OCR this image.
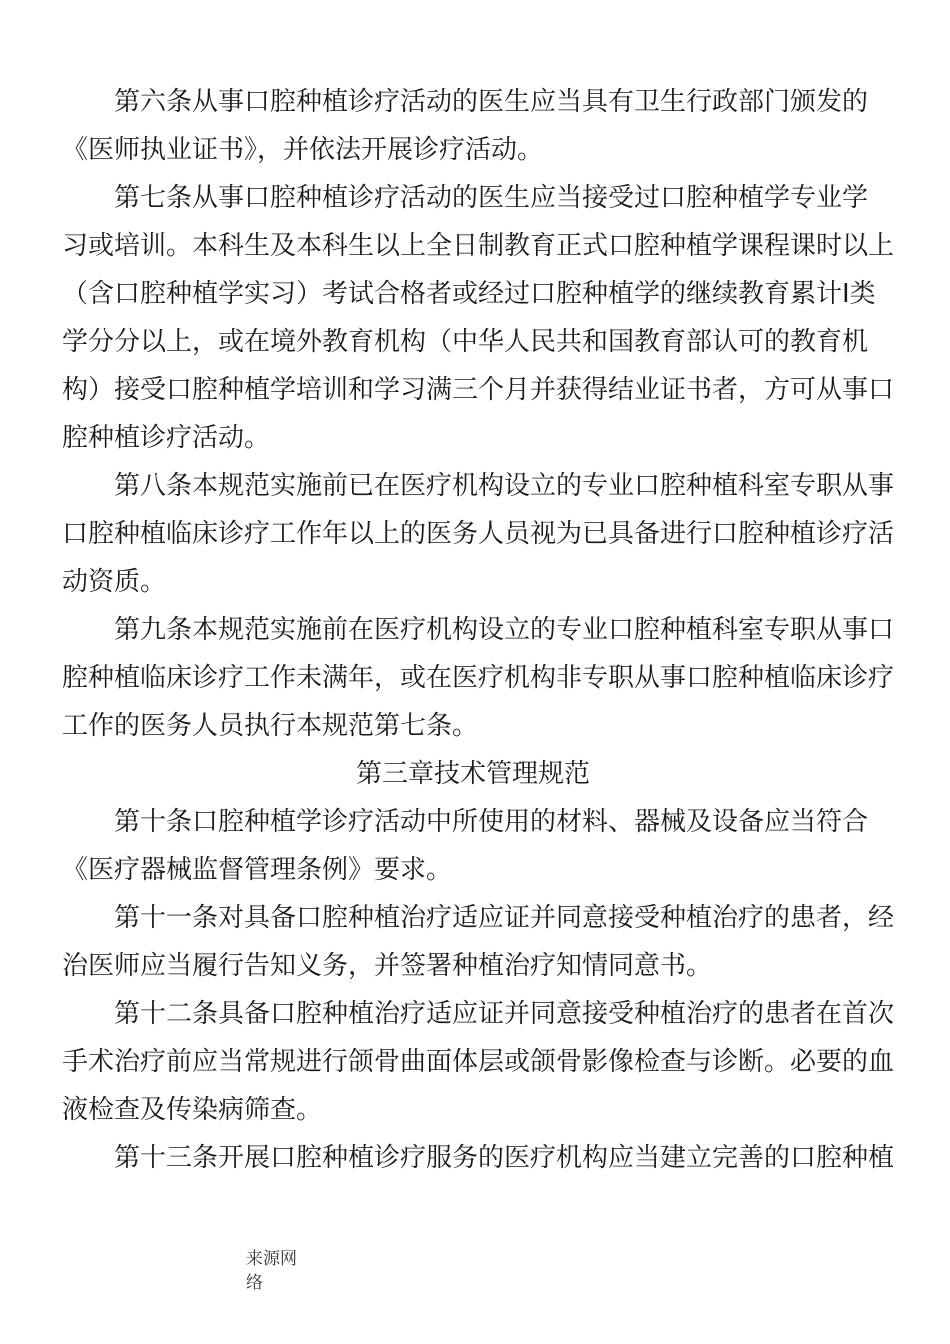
第六条从事口腔种植诊疗活动的医生应当具有卫生行政部门颁发的
《医师执业证书》，并依法开展诊疗活动。
第七条从事口腔种植诊疗活动的医生应当接受过口腔种植学专业学
习或培训。本科生及本科生以上全日制教育正式口腔种植学课程课时以上
（含口腔种植学实习）考试合格者或经过口腔种植学的继续教育累计Ⅰ类
学分分以上，或在境外教育机构（中华人民共和国教育部认可的教育机
构）接受口腔种植学培训和学习满三个月并获得结业证书者，方可从事口
腔种植诊疗活动。
第八条本规范实施前已在医疗机构设立的专业口腔种植科室专职从事
口腔种植临床诊疗工作年以上的医务人员视为已具备进行口腔种植诊疗活
动资质。
第九条本规范实施前在医疗机构设立的专业口腔种植科室专职从事口
腔种植临床诊疗工作未满年，或在医疗机构非专职从事口腔种植临床诊疗
工作的医务人员执行本规范第七条。
第三章技术管理规范
第十条口腔种植学诊疗活动中所使用的材料、器械及设备应当符合
《医疗器械监督管理条例》要求。
第十一条对具备口腔种植治疗适应证并同意接受种植治疗的患者，经
治医师应当履行告知义务，并签署种植治疗知情同意书。
第十二条具备口腔种植治疗适应证并同意接受种植治疗的患者在首次
手术治疗前应当常规进行颌骨曲面体层或颌骨影像检查与诊断。必要的血
液检查及传染病筛查。
第十三条开展口腔种植诊疗服务的医疗机构应当建立完善的口腔种植
来源网络
